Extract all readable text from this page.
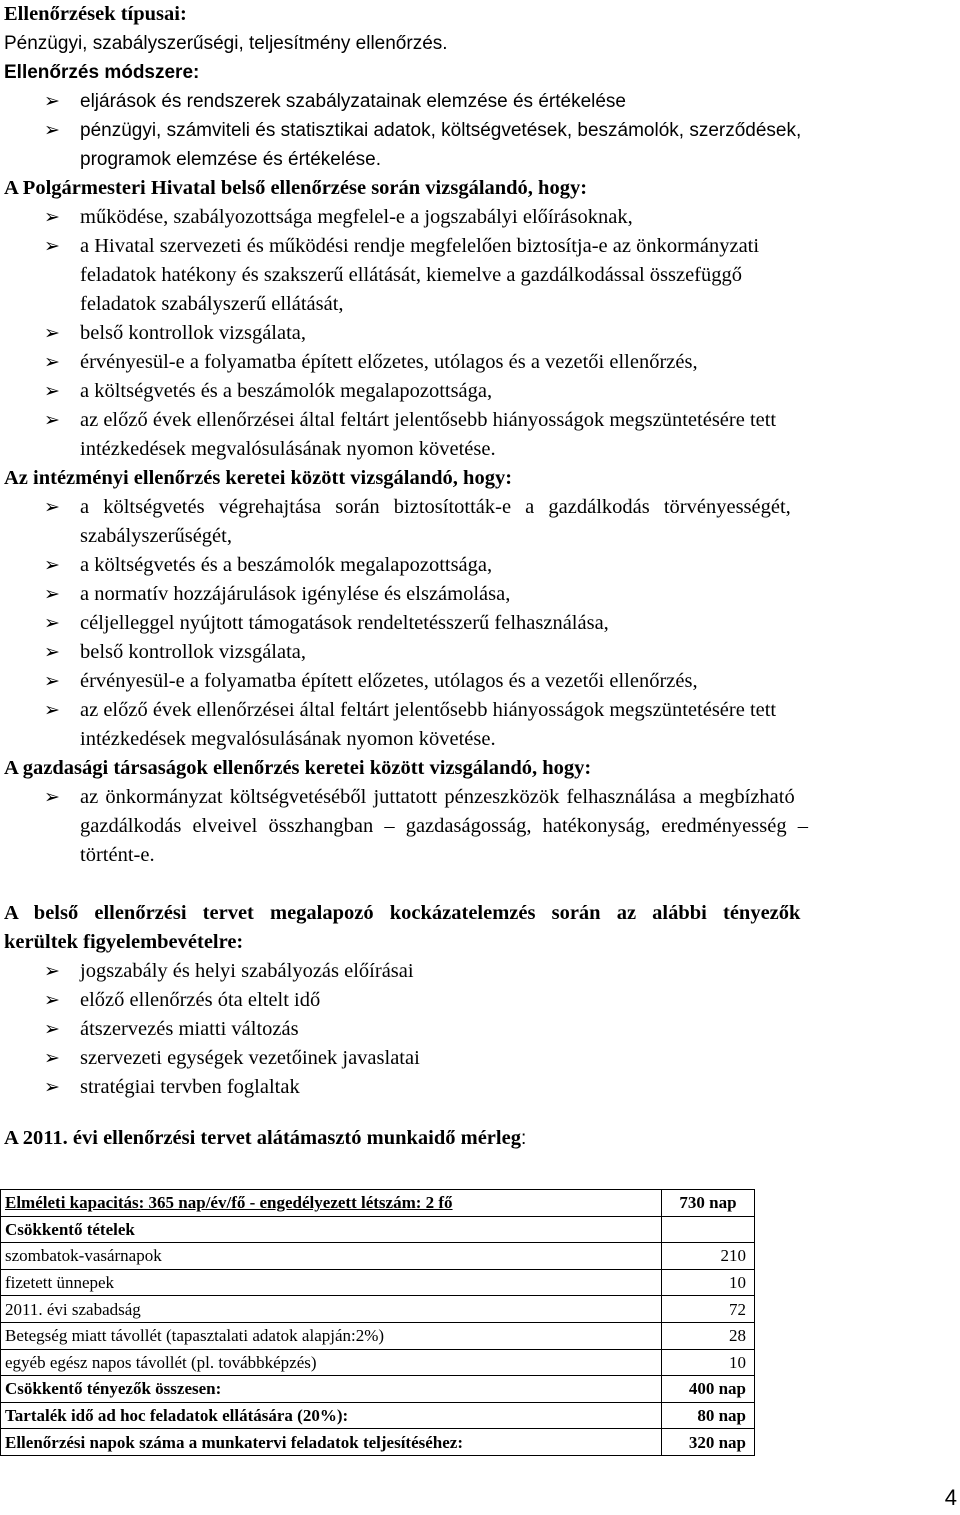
Ellenőrzések típusai:
Pénzügyi, szabályszerűségi, teljesítmény ellenőrzés.
Ellenőrzés módszere:
➢ eljárások és rendszerek szabályzatainak elemzése és értékelése
➢ pénzügyi, számviteli és statisztikai adatok, költségvetések, beszámolók, szerződések,
programok elemzése és értékelése.
A Polgármesteri Hivatal belső ellenőrzése során vizsgálandó, hogy:
➢ működése, szabályozottsága megfelel-e a jogszabályi előírásoknak,
➢ a Hivatal szervezeti és működési rendje megfelelően biztosítja-e az önkormányzati
feladatok hatékony és szakszerű ellátását, kiemelve a gazdálkodással összefüggő
feladatok szabályszerű ellátását,
➢ belső kontrollok vizsgálata,
➢ érvényesül-e a folyamatba épített előzetes, utólagos és a vezetői ellenőrzés,
➢ a költségvetés és a beszámolók megalapozottsága,
➢ az előző évek ellenőrzései által feltárt jelentősebb hiányosságok megszüntetésére tett
intézkedések megvalósulásának nyomon követése.
Az intézményi ellenőrzés keretei között vizsgálandó, hogy:
➢ a költségvetés végrehajtása során biztosították-e a gazdálkodás törvényességét,
szabályszerűségét,
➢ a költségvetés és a beszámolók megalapozottsága,
➢ a normatív hozzájárulások igénylése és elszámolása,
➢ céljelleggel nyújtott támogatások rendeltetésszerű felhasználása,
➢ belső kontrollok vizsgálata,
➢ érvényesül-e a folyamatba épített előzetes, utólagos és a vezetői ellenőrzés,
➢ az előző évek ellenőrzései által feltárt jelentősebb hiányosságok megszüntetésére tett
intézkedések megvalósulásának nyomon követése.
A gazdasági társaságok ellenőrzés keretei között vizsgálandó, hogy:
➢ az önkormányzat költségvetéséből juttatott pénzeszközök felhasználása a megbízható
gazdálkodás elveivel összhangban – gazdaságosság, hatékonyság, eredményesség –
történt-e.
A belső ellenőrzési tervet megalapozó kockázatelemzés során az alábbi tényezők
kerültek figyelembevételre:
➢ jogszabály és helyi szabályozás előírásai
➢ előző ellenőrzés óta eltelt idő
➢ átszervezés miatti változás
➢ szervezeti egységek vezetőinek javaslatai
➢ stratégiai tervben foglaltak
A 2011. évi ellenőrzési tervet alátámasztó munkaidő mérleg:
Elméleti kapacitás: 365 nap/év/fő - engedélyezett létszám: 2 fő	730 nap
Csökkentő tételek	
szombatok-vasárnapok	210
fizetett ünnepek	10
2011. évi szabadság	72
Betegség miatt távollét (tapasztalati adatok alapján:2%)	28
egyéb egész napos távollét (pl. továbbképzés)	10
Csökkentő tényezők összesen:	400 nap
Tartalék idő ad hoc feladatok ellátására (20%):	80 nap
Ellenőrzési napok száma a munkatervi feladatok teljesítéséhez:	320 nap
4
